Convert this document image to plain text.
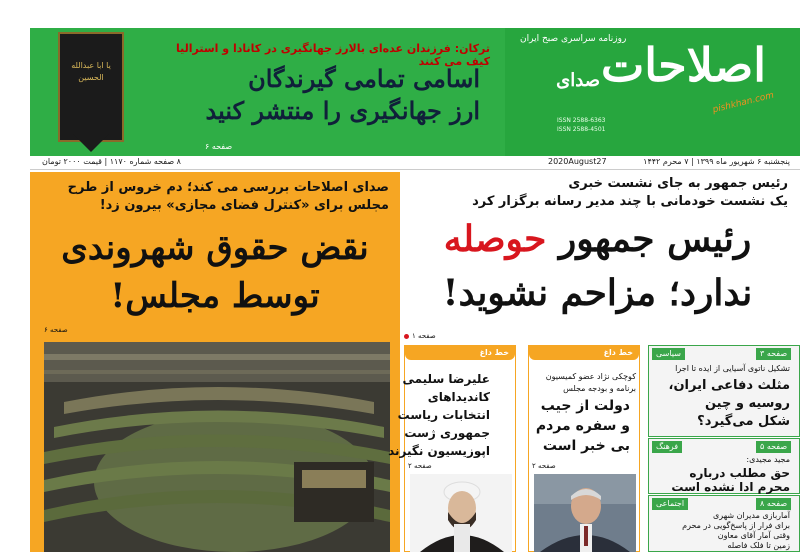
روزنامه سراسری صبح ایران
اصلاحات
صدای
ISSN 2588-6363
ISSN 2588-4501
pishkhan.com
یا ابا عبدالله الحسین
ترکان: فرزندان عده‌ای بالارز جهانگیری در کانادا و استرالیا کیف می کنند
اسامی تمامی گیرندگان
ارز جهانگیری را منتشر کنید
صفحه ۶
پنجشنبه ۶ شهریور ماه ۱۳۹۹ | ۷ محرم ۱۴۴۲
2020August27
۸ صفحه شماره ۱۱۷۰ | قیمت ۲۰۰۰ تومان
صدای اصلاحات بررسی می کند؛ دم خروس از طرح
مجلس برای «کنترل فضای مجازی» بیرون زد!
نقض حقوق شهروندی
توسط مجلس!
صفحه ۶
رئیس جمهور به جای نشست خبری
یک نشست خودمانی با چند مدیر رسانه برگزار کرد
رئیس جمهور حوصله
ندارد؛ مزاحم نشوید!
صفحه ۱
خط داغ
علیرضا سلیمی
کاندیداهای
انتخابات ریاست
جمهوری ژست
اپوزیسیون نگیرند
صفحه ۲
خط داغ
کوچکی نژاد عضو کمیسیون
برنامه و بودجه مجلس
دولت از جیب
و سفره مردم
بی خبر است
صفحه ۲
سیاسی	صفحه ۳
تشکیل ناتوی آسیایی از ایده تا اجرا
مثلث دفاعی ایران،
روسیه و چین
شکل می‌گیرد؟
فرهنگ	صفحه ۵
مجید مجیدی:
حق مطلب درباره
محرم ادا نشده است
اجتماعی	صفحه ۸
آماربازی مدیران شهری
برای فرار از پاسخ‌گویی در محرم
وقتی آمار آقای معاون
زمین تا فلک فاصله
